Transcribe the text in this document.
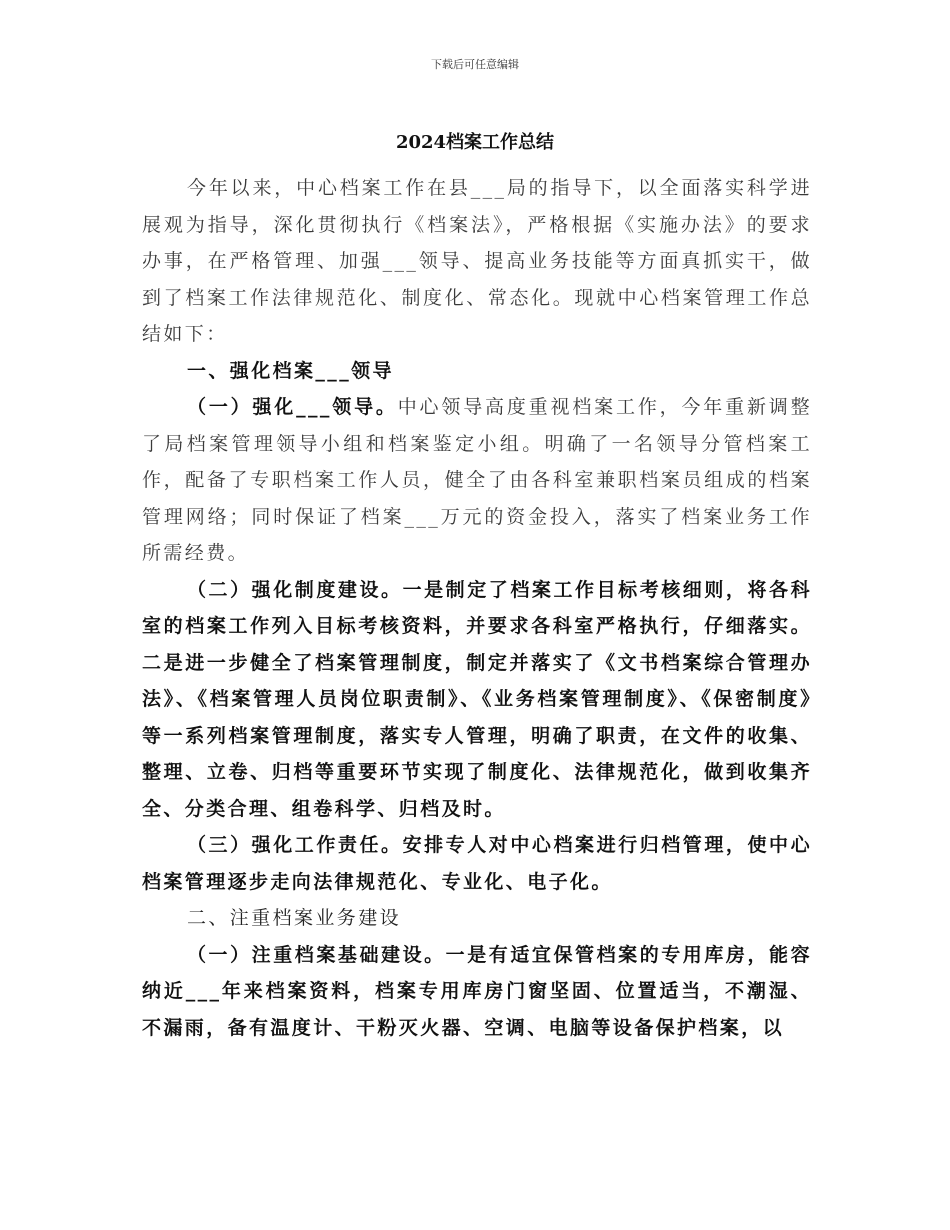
下载后可任意编辑
2024档案工作总结

今年以来，中心档案工作在县___局的指导下，以全面落实科学进展观为指导，深化贯彻执行《档案法》，严格根据《实施办法》的要求办事，在严格管理、加强___领导、提高业务技能等方面真抓实干，做到了档案工作法律规范化、制度化、常态化。现就中心档案管理工作总结如下：

一、强化档案___领导

（一）强化___领导。中心领导高度重视档案工作，今年重新调整了局档案管理领导小组和档案鉴定小组。明确了一名领导分管档案工作，配备了专职档案工作人员，健全了由各科室兼职档案员组成的档案管理网络；同时保证了档案___万元的资金投入，落实了档案业务工作所需经费。

（二）强化制度建设。一是制定了档案工作目标考核细则，将各科室的档案工作列入目标考核资料，并要求各科室严格执行，仔细落实。二是进一步健全了档案管理制度，制定并落实了《文书档案综合管理办法》、《档案管理人员岗位职责制》、《业务档案管理制度》、《保密制度》等一系列档案管理制度，落实专人管理，明确了职责，在文件的收集、整理、立卷、归档等重要环节实现了制度化、法律规范化，做到收集齐全、分类合理、组卷科学、归档及时。

（三）强化工作责任。安排专人对中心档案进行归档管理，使中心档案管理逐步走向法律规范化、专业化、电子化。

二、注重档案业务建设

（一）注重档案基础建设。一是有适宜保管档案的专用库房，能容纳近___年来档案资料，档案专用库房门窗坚固、位置适当，不潮湿、不漏雨，备有温度计、干粉灭火器、空调、电脑等设备保护档案，以
